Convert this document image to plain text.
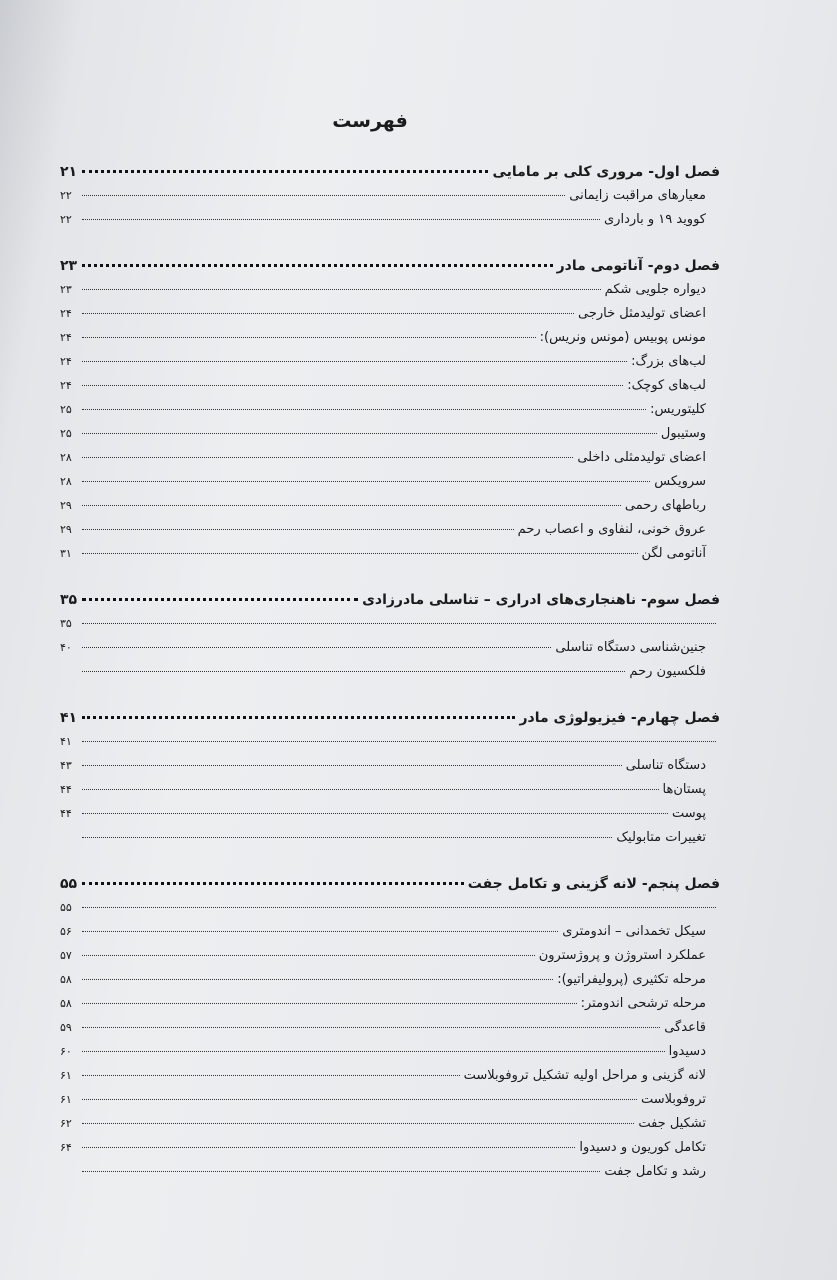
فهرست
فصل اول- مروری کلی بر مامایی
۲۱
معیارهای مراقبت زایمانی
۲۲
کووید ۱۹ و بارداری
۲۲
فصل دوم- آناتومی مادر
۲۳
دیواره جلویی شکم
۲۳
اعضای تولیدمثل خارجی
۲۴
مونس پوبیس (مونس ونریس):
۲۴
لب‌های بزرگ:
۲۴
لب‌های کوچک:
۲۴
کلیتوریس:
۲۵
وستیبول
۲۵
اعضای تولیدمثلی داخلی
۲۸
سرویکس
۲۸
رباطهای رحمی
۲۹
عروق خونی، لنفاوی و اعصاب رحم
۲۹
آناتومی لگن
۳۱
فصل سوم- ناهنجاری‌های ادراری – تناسلی مادرزادی
۳۵
۳۵
جنین‌شناسی دستگاه تناسلی
۴۰
فلکسیون رحم
فصل چهارم- فیزیولوژی مادر
۴۱
۴۱
دستگاه تناسلی
۴۳
پستان‌ها
۴۴
پوست
۴۴
تغییرات متابولیک
فصل پنجم- لانه گزینی و تکامل جفت
۵۵
۵۵
سیکل تخمدانی – اندومتری
۵۶
عملکرد استروژن و پروژسترون
۵۷
مرحله تکثیری (پرولیفراتیو):
۵۸
مرحله ترشحی اندومتر:
۵۸
قاعدگی
۵۹
دسیدوا
۶۰
لانه گزینی و مراحل اولیه تشکیل تروفوبلاست
۶۱
تروفوبلاست
۶۱
تشکیل جفت
۶۲
تکامل کوریون و دسیدوا
۶۴
رشد و تکامل جفت
